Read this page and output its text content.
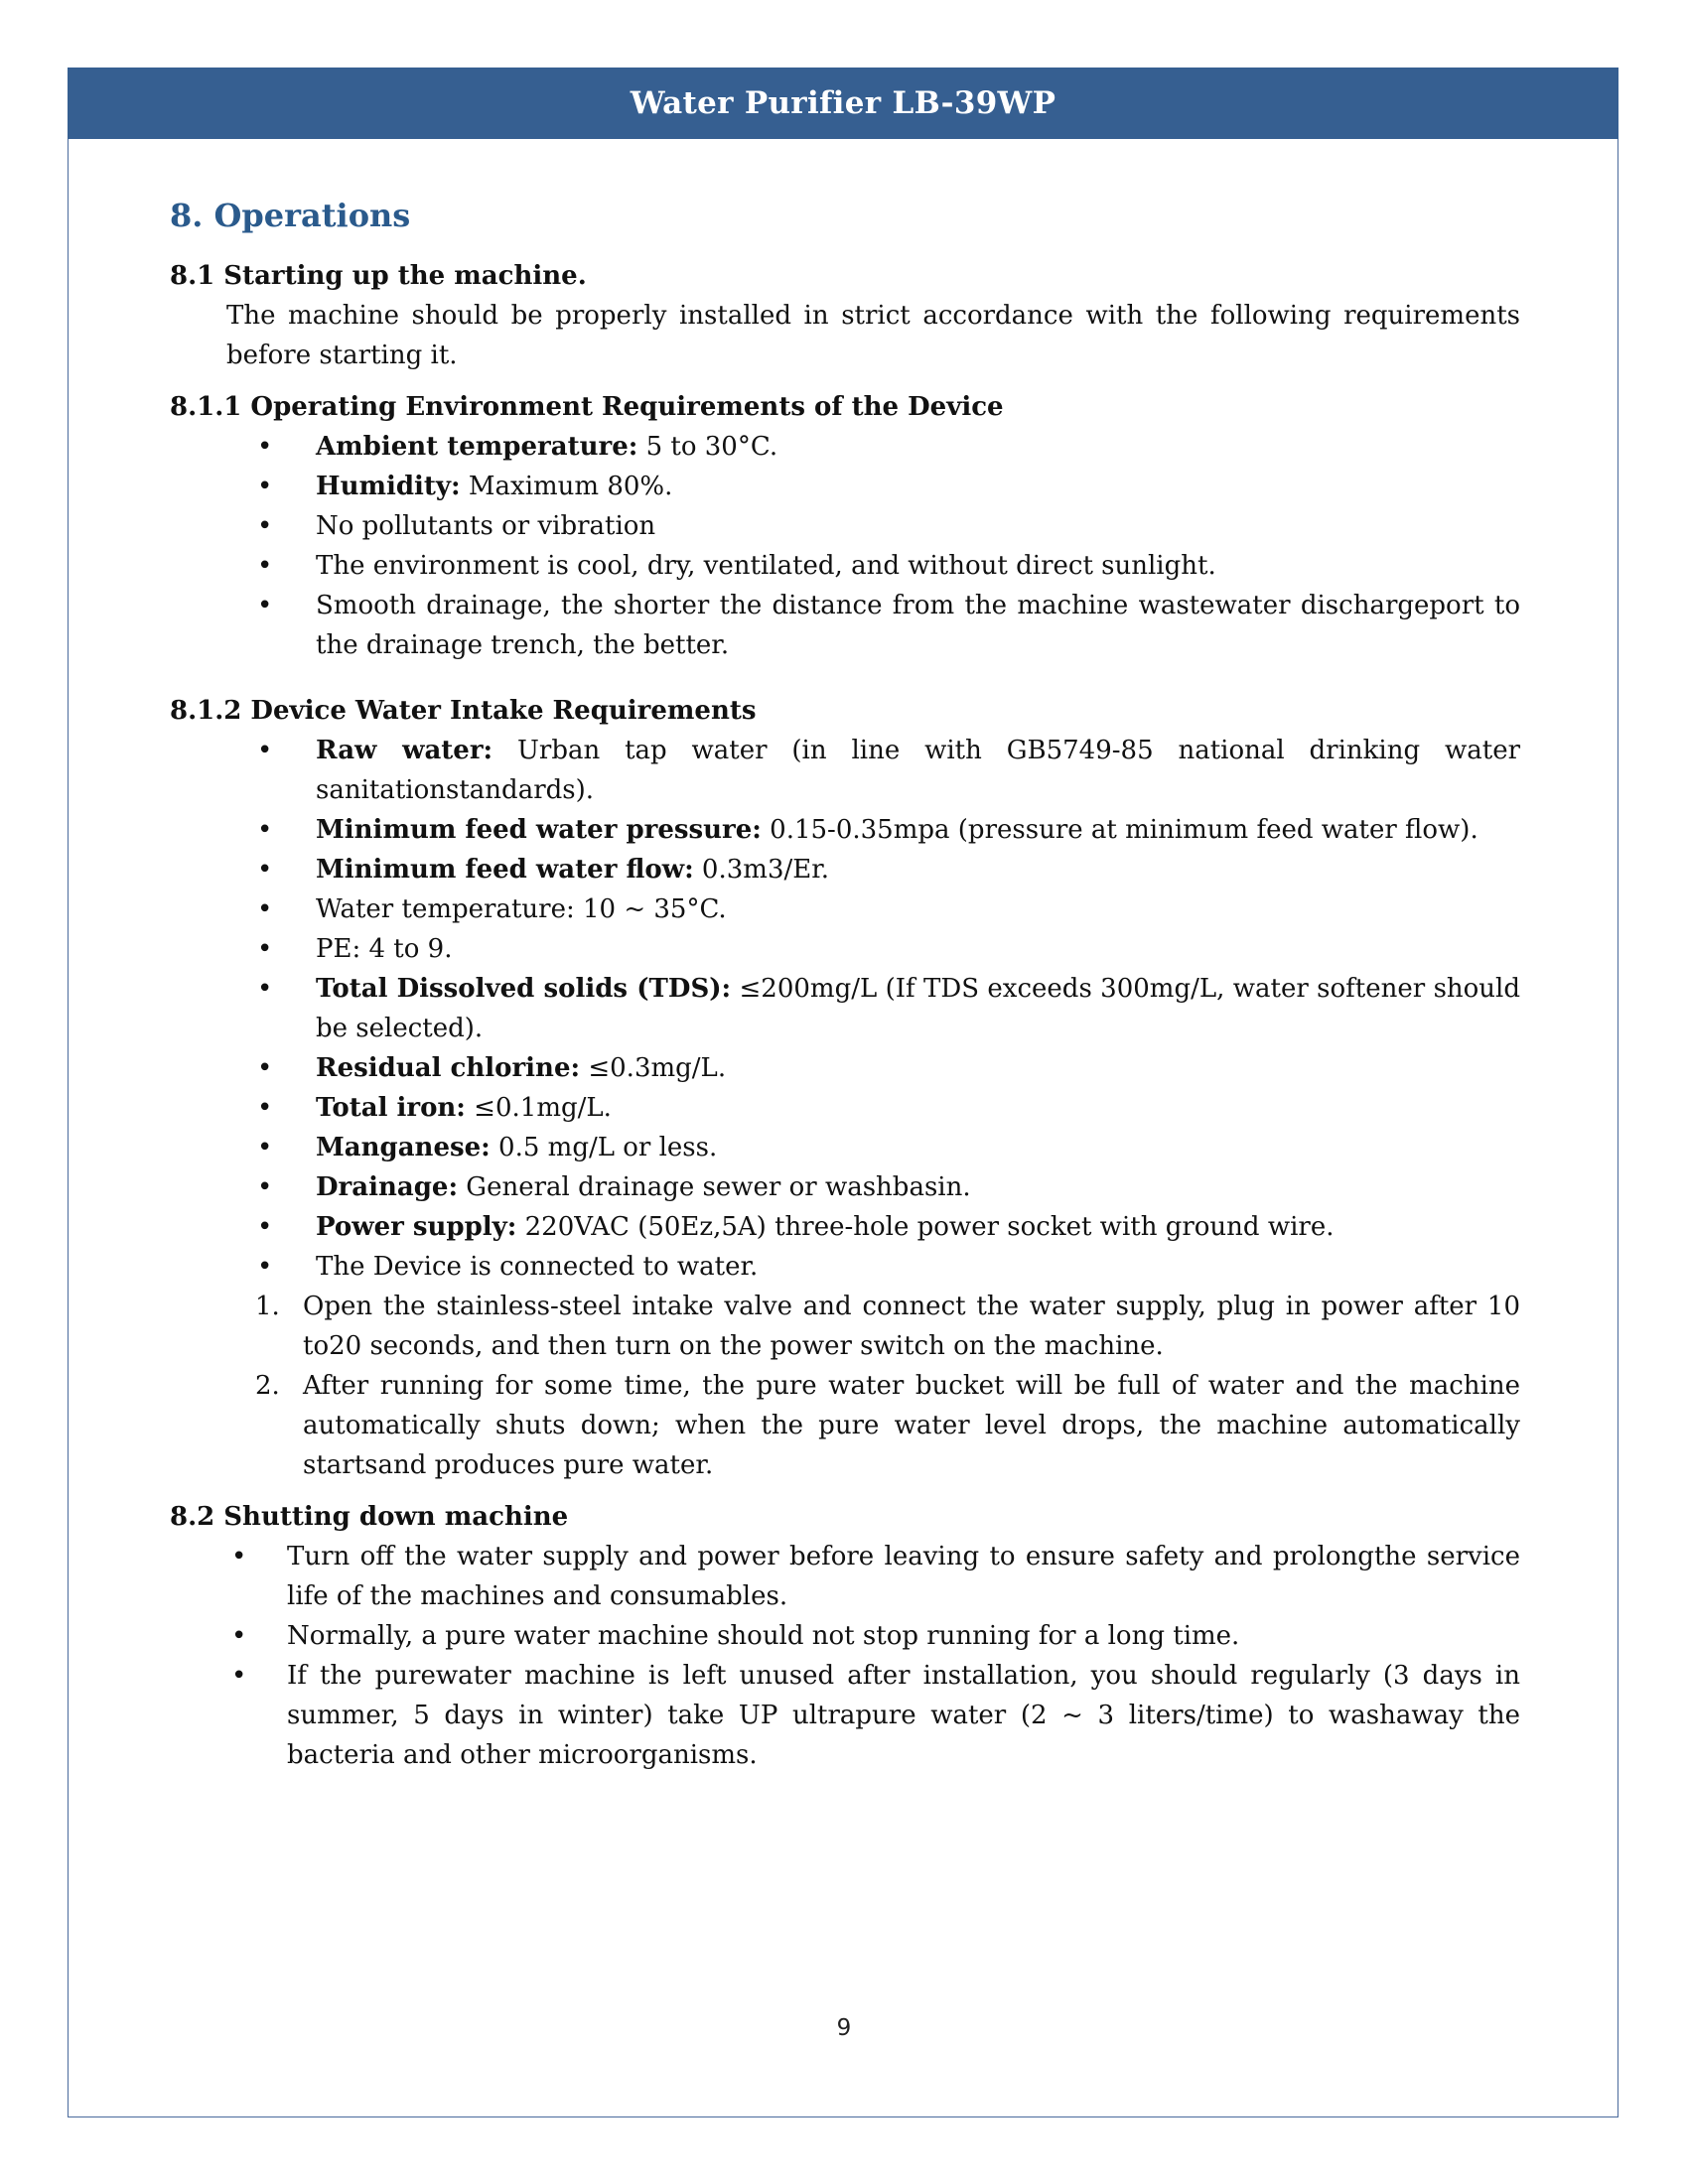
Water Purifier LB-39WP
8. Operations
8.1 Starting up the machine.

The machine should be properly installed in strict accordance with the following requirements before starting it.

8.1.1 Operating Environment Requirements of the Device
• Ambient temperature: 5 to 30°C.
• Humidity: Maximum 80%.
• No pollutants or vibration
• The environment is cool, dry, ventilated, and without direct sunlight.
• Smooth drainage, the shorter the distance from the machine wastewater dischargeport to the drainage trench, the better.
8.1.2 Device Water Intake Requirements
• Raw water: Urban tap water (in line with GB5749-85 national drinking water sanitationstandards).
• Minimum feed water pressure: 0.15-0.35mpa (pressure at minimum feed water flow).
• Minimum feed water flow: 0.3m3/Er.
• Water temperature: 10 ~ 35°C.
• PE: 4 to 9.
• Total Dissolved solids (TDS): ≤200mg/L (If TDS exceeds 300mg/L, water softener should be selected).
• Residual chlorine: ≤0.3mg/L.
• Total iron: ≤0.1mg/L.
• Manganese: 0.5 mg/L or less.
• Drainage: General drainage sewer or washbasin.
• Power supply: 220VAC (50Ez,5A) three-hole power socket with ground wire.
• The Device is connected to water.
1. Open the stainless-steel intake valve and connect the water supply, plug in power after 10 to20 seconds, and then turn on the power switch on the machine.
2. After running for some time, the pure water bucket will be full of water and the machine automatically shuts down; when the pure water level drops, the machine automatically startsand produces pure water.
8.2 Shutting down machine
• Turn off the water supply and power before leaving to ensure safety and prolongthe service life of the machines and consumables.
• Normally, a pure water machine should not stop running for a long time.
• If the purewater machine is left unused after installation, you should regularly (3 days in summer, 5 days in winter) take UP ultrapure water (2 ~ 3 liters/time) to washaway the bacteria and other microorganisms.
9
